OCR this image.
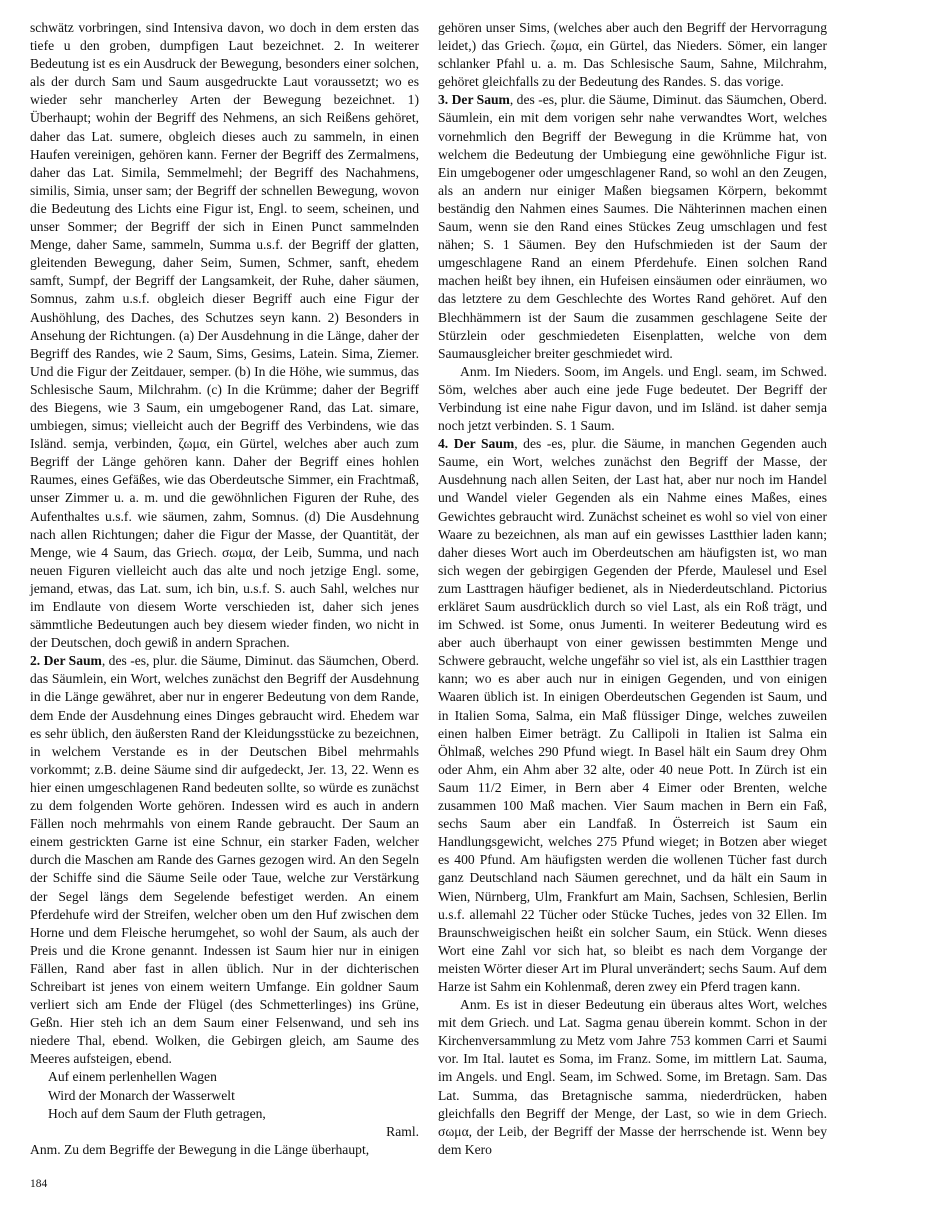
schwätz vorbringen, sind Intensiva davon, wo doch in dem ersten das tiefe u den groben, dumpfigen Laut bezeichnet. 2. In weiterer Bedeutung ist es ein Ausdruck der Bewegung, besonders einer solchen, als der durch Sam und Saum ausgedruckte Laut voraussetzt; wo es wieder sehr mancherley Arten der Bewegung bezeichnet. 1) Überhaupt; wohin der Begriff des Nehmens, an sich Reißens gehöret, daher das Lat. sumere, obgleich dieses auch zu sammeln, in einen Haufen vereinigen, gehören kann. Ferner der Begriff des Zermalmens, daher das Lat. Simila, Semmelmehl; der Begriff des Nachahmens, similis, Simia, unser sam; der Begriff der schnellen Bewegung, wovon die Bedeutung des Lichts eine Figur ist, Engl. to seem, scheinen, und unser Sommer; der Begriff der sich in Einen Punct sammelnden Menge, daher Same, sammeln, Summa u.s.f. der Begriff der glatten, gleitenden Bewegung, daher Seim, Sumen, Schmer, sanft, ehedem samft, Sumpf, der Begriff der Langsamkeit, der Ruhe, daher säumen, Somnus, zahm u.s.f. obgleich dieser Begriff auch eine Figur der Aushöhlung, des Daches, des Schutzes seyn kann. 2) Besonders in Ansehung der Richtungen. (a) Der Ausdehnung in die Länge, daher der Begriff des Randes, wie 2 Saum, Sims, Gesims, Latein. Sima, Ziemer. Und die Figur der Zeitdauer, semper. (b) In die Höhe, wie summus, das Schlesische Saum, Milchrahm. (c) In die Krümme; daher der Begriff des Biegens, wie 3 Saum, ein umgebogener Rand, das Lat. simare, umbiegen, simus; vielleicht auch der Begriff des Verbindens, wie das Isländ. semja, verbinden, ζωμα, ein Gürtel, welches aber auch zum Begriff der Länge gehören kann. Daher der Begriff eines hohlen Raumes, eines Gefäßes, wie das Oberdeutsche Simmer, ein Frachtmaß, unser Zimmer u. a. m. und die gewöhnlichen Figuren der Ruhe, des Aufenthaltes u.s.f. wie säumen, zahm, Somnus. (d) Die Ausdehnung nach allen Richtungen; daher die Figur der Masse, der Quantität, der Menge, wie 4 Saum, das Griech. σωμα, der Leib, Summa, und nach neuen Figuren vielleicht auch das alte und noch jetzige Engl. some, jemand, etwas, das Lat. sum, ich bin, u.s.f. S. auch Sahl, welches nur im Endlaute von diesem Worte verschieden ist, daher sich jenes sämmtliche Bedeutungen auch bey diesem wieder finden, wo nicht in der Deutschen, doch gewiß in andern Sprachen.

2. Der Saum, des -es, plur. die Säume, Diminut. das Säumchen, Oberd. das Säumlein, ein Wort, welches zunächst den Begriff der Ausdehnung in die Länge gewähret, aber nur in engerer Bedeutung von dem Rande, dem Ende der Ausdehnung eines Dinges gebraucht wird. Ehedem war es sehr üblich, den äußersten Rand der Kleidungsstücke zu bezeichnen, in welchem Verstande es in der Deutschen Bibel mehrmahls vorkommt; z.B. deine Säume sind dir aufgedeckt, Jer. 13, 22. Wenn es hier einen umgeschlagenen Rand bedeuten sollte, so würde es zunächst zu dem folgenden Worte gehören. Indessen wird es auch in andern Fällen noch mehrmahls von einem Rande gebraucht. Der Saum an einem gestrickten Garne ist eine Schnur, ein starker Faden, welcher durch die Maschen am Rande des Garnes gezogen wird. An den Segeln der Schiffe sind die Säume Seile oder Taue, welche zur Verstärkung der Segel längs dem Segelende befestiget werden. An einem Pferdehufe wird der Streifen, welcher oben um den Huf zwischen dem Horne und dem Fleische herumgehet, so wohl der Saum, als auch der Preis und die Krone genannt. Indessen ist Saum hier nur in einigen Fällen, Rand aber fast in allen üblich. Nur in der dichterischen Schreibart ist jenes von einem weitern Umfange. Ein goldner Saum verliert sich am Ende der Flügel (des Schmetterlinges) ins Grüne, Geßn. Hier steh ich an dem Saum einer Felsenwand, und seh ins niedere Thal, ebend. Wolken, die Gebirgen gleich, am Saume des Meeres aufsteigen, ebend.

Auf einem perlenhellen Wagen
Wird der Monarch der Wasserwelt
Hoch auf dem Saum der Fluth getragen,
Raml.

Anm. Zu dem Begriffe der Bewegung in die Länge überhaupt,

gehören unser Sims, (welches aber auch den Begriff der Hervorragung leidet,) das Griech. ζωμα, ein Gürtel, das Nieders. Sömer, ein langer schlanker Pfahl u. a. m. Das Schlesische Saum, Sahne, Milchrahm, gehöret gleichfalls zu der Bedeutung des Randes. S. das vorige.

3. Der Saum, des -es, plur. die Säume, Diminut. das Säumchen, Oberd. Säumlein, ein mit dem vorigen sehr nahe verwandtes Wort, welches vornehmlich den Begriff der Bewegung in die Krümme hat, von welchem die Bedeutung der Umbiegung eine gewöhnliche Figur ist. Ein umgebogener oder umgeschlagener Rand, so wohl an den Zeugen, als an andern nur einiger Maßen biegsamen Körpern, bekommt beständig den Nahmen eines Saumes. Die Nähterinnen machen einen Saum, wenn sie den Rand eines Stückes Zeug umschlagen und fest nähen; S. 1 Säumen. Bey den Hufschmieden ist der Saum der umgeschlagene Rand an einem Pferdehufe. Einen solchen Rand machen heißt bey ihnen, ein Hufeisen einsäumen oder einräumen, wo das letztere zu dem Geschlechte des Wortes Rand gehöret. Auf den Blechhämmern ist der Saum die zusammen geschlagene Seite der Stürzlein oder geschmiedeten Eisenplatten, welche von dem Saumausgleicher breiter geschmiedet wird.

Anm. Im Nieders. Soom, im Angels. und Engl. seam, im Schwed. Söm, welches aber auch eine jede Fuge bedeutet. Der Begriff der Verbindung ist eine nahe Figur davon, und im Isländ. ist daher semja noch jetzt verbinden. S. 1 Saum.

4. Der Saum, des -es, plur. die Säume, in manchen Gegenden auch Saume, ein Wort, welches zunächst den Begriff der Masse, der Ausdehnung nach allen Seiten, der Last hat, aber nur noch im Handel und Wandel vieler Gegenden als ein Nahme eines Maßes, eines Gewichtes gebraucht wird. Zunächst scheinet es wohl so viel von einer Waare zu bezeichnen, als man auf ein gewisses Lastthier laden kann; daher dieses Wort auch im Oberdeutschen am häufigsten ist, wo man sich wegen der gebirgigen Gegenden der Pferde, Maulesel und Esel zum Lasttragen häufiger bedienet, als in Niederdeutschland. Pictorius erkläret Saum ausdrücklich durch so viel Last, als ein Roß trägt, und im Schwed. ist Some, onus Jumenti. In weiterer Bedeutung wird es aber auch überhaupt von einer gewissen bestimmten Menge und Schwere gebraucht, welche ungefähr so viel ist, als ein Lastthier tragen kann; wo es aber auch nur in einigen Gegenden, und von einigen Waaren üblich ist. In einigen Oberdeutschen Gegenden ist Saum, und in Italien Soma, Salma, ein Maß flüssiger Dinge, welches zuweilen einen halben Eimer beträgt. Zu Callipoli in Italien ist Salma ein Öhlmaß, welches 290 Pfund wiegt. In Basel hält ein Saum drey Ohm oder Ahm, ein Ahm aber 32 alte, oder 40 neue Pott. In Zürch ist ein Saum 11/2 Eimer, in Bern aber 4 Eimer oder Brenten, welche zusammen 100 Maß machen. Vier Saum machen in Bern ein Faß, sechs Saum aber ein Landfaß. In Österreich ist Saum ein Handlungsgewicht, welches 275 Pfund wieget; in Botzen aber wieget es 400 Pfund. Am häufigsten werden die wollenen Tücher fast durch ganz Deutschland nach Säumen gerechnet, und da hält ein Saum in Wien, Nürnberg, Ulm, Frankfurt am Main, Sachsen, Schlesien, Berlin u.s.f. allemahl 22 Tücher oder Stücke Tuches, jedes von 32 Ellen. Im Braunschweigischen heißt ein solcher Saum, ein Stück. Wenn dieses Wort eine Zahl vor sich hat, so bleibt es nach dem Vorgange der meisten Wörter dieser Art im Plural unverändert; sechs Saum. Auf dem Harze ist Sahm ein Kohlenmaß, deren zwey ein Pferd tragen kann.

Anm. Es ist in dieser Bedeutung ein überaus altes Wort, welches mit dem Griech. und Lat. Sagma genau überein kommt. Schon in der Kirchenversammlung zu Metz vom Jahre 753 kommen Carri et Saumi vor. Im Ital. lautet es Soma, im Franz. Some, im mittlern Lat. Sauma, im Angels. und Engl. Seam, im Schwed. Some, im Bretagn. Sam. Das Lat. Summa, das Bretagnische samma, niederdrücken, haben gleichfalls den Begriff der Menge, der Last, so wie in dem Griech. σωμα, der Leib, der Begriff der Masse der herrschende ist. Wenn bey dem Kero

184
